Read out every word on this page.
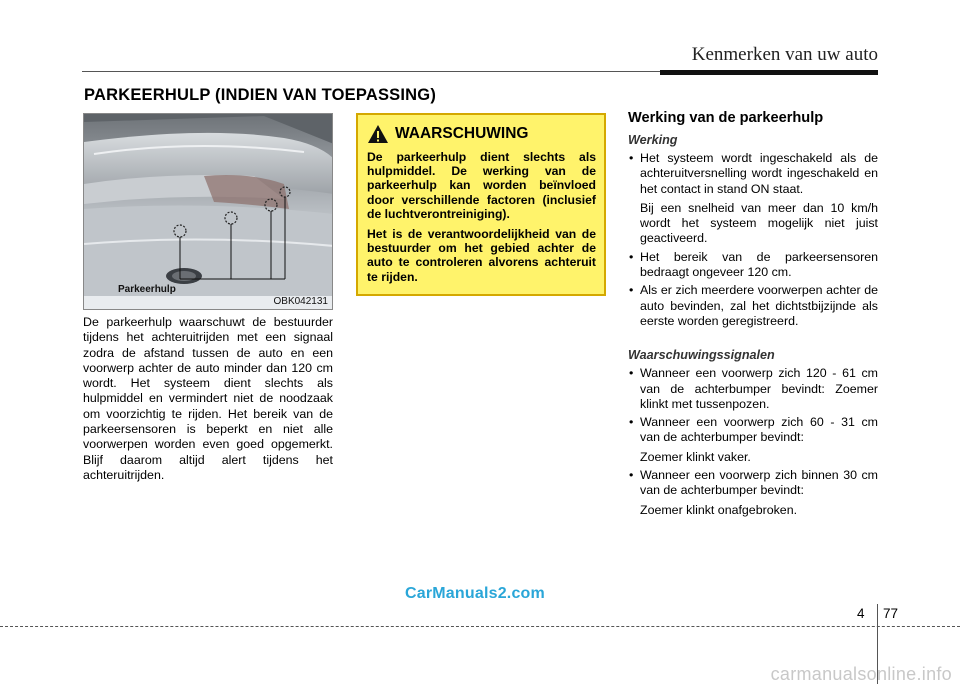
Kenmerken van uw auto
PARKEERHULP (INDIEN VAN TOEPASSING)
OBK042131
Parkeerhulp
De parkeerhulp waarschuwt de bestuurder tijdens het achteruitrijden met een signaal zodra de afstand tussen de auto en een voorwerp achter de auto minder dan 120 cm wordt. Het systeem dient slechts als hulpmiddel en vermindert niet de noodzaak om voorzichtig te rijden. Het bereik van de parkeersensoren is beperkt en niet alle voorwerpen worden even goed opgemerkt. Blijf daarom altijd alert tijdens het achteruitrijden.
WAARSCHUWING

De parkeerhulp dient slechts als hulpmiddel. De werking van de parkeerhulp kan worden beïnvloed door verschillende factoren (inclusief de luchtverontreiniging).

Het is de verantwoordelijkheid van de bestuurder om het gebied achter de auto te controleren alvorens achteruit te rijden.

Werking van de parkeerhulp
Werking
• Het systeem wordt ingeschakeld als de achteruitversnelling wordt ingeschakeld en het contact in stand ON staat.
Bij een snelheid van meer dan 10 km/h wordt het systeem mogelijk niet juist geactiveerd.
• Het bereik van de parkeersensoren bedraagt ongeveer 120 cm.
• Als er zich meerdere voorwerpen achter de auto bevinden, zal het dichtstbijzijnde als eerste worden geregistreerd.
Waarschuwingssignalen
• Wanneer een voorwerp zich 120 - 61 cm van de achterbumper bevindt: Zoemer klinkt met tussenpozen.
• Wanneer een voorwerp zich 60 - 31 cm van de achterbumper bevindt:
Zoemer klinkt vaker.
• Wanneer een voorwerp zich binnen 30 cm van de achterbumper bevindt:
Zoemer klinkt onafgebroken.
CarManuals2.com
4 77
carmanualsonline.info
